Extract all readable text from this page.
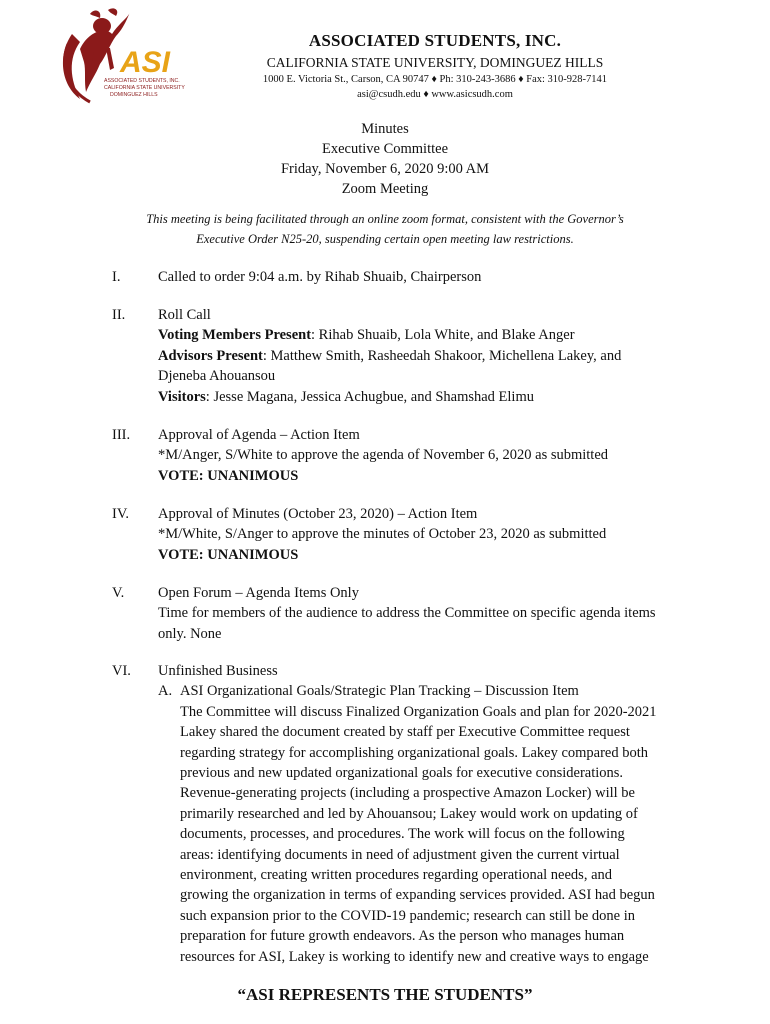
ASI
ASSOCIATED STUDENTS, INC.
CALIFORNIA STATE UNIVERSITY
DOMINGUEZ HILLS
ASSOCIATED STUDENTS, INC.
CALIFORNIA STATE UNIVERSITY, DOMINGUEZ HILLS
1000 E. Victoria St., Carson, CA 90747 ♦ Ph: 310-243-3686 ♦ Fax: 310-928-7141
asi@csudh.edu ♦ www.asicsudh.com
Minutes
Executive Committee
Friday, November 6, 2020 9:00 AM
Zoom Meeting
This meeting is being facilitated through an online zoom format, consistent with the Governor’s
Executive Order N25-20, suspending certain open meeting law restrictions.
I.	Called to order 9:04 a.m. by Rihab Shuaib, Chairperson
II. Roll Call
Voting Members Present: Rihab Shuaib, Lola White, and Blake Anger
Advisors Present: Matthew Smith, Rasheedah Shakoor, Michellena Lakey, and
Djeneba Ahouansou
Visitors: Jesse Magana, Jessica Achugbue, and Shamshad Elimu
III. Approval of Agenda – Action Item
*M/Anger, S/White to approve the agenda of November 6, 2020 as submitted
VOTE: UNANIMOUS
IV. Approval of Minutes (October 23, 2020) – Action Item
*M/White, S/Anger to approve the minutes of October 23, 2020 as submitted
VOTE: UNANIMOUS
V. Open Forum – Agenda Items Only
Time for members of the audience to address the Committee on specific agenda items
only. None
VI. Unfinished Business
A. ASI Organizational Goals/Strategic Plan Tracking – Discussion Item
The Committee will discuss Finalized Organization Goals and plan for 2020-2021
Lakey shared the document created by staff per Executive Committee request
regarding strategy for accomplishing organizational goals. Lakey compared both
previous and new updated organizational goals for executive considerations.
Revenue-generating projects (including a prospective Amazon Locker) will be
primarily researched and led by Ahouansou; Lakey would work on updating of
documents, processes, and procedures. The work will focus on the following
areas: identifying documents in need of adjustment given the current virtual
environment, creating written procedures regarding operational needs, and
growing the organization in terms of expanding services provided. ASI had begun
such expansion prior to the COVID-19 pandemic; research can still be done in
preparation for future growth endeavors. As the person who manages human
resources for ASI, Lakey is working to identify new and creative ways to engage
“ASI REPRESENTS THE STUDENTS”
